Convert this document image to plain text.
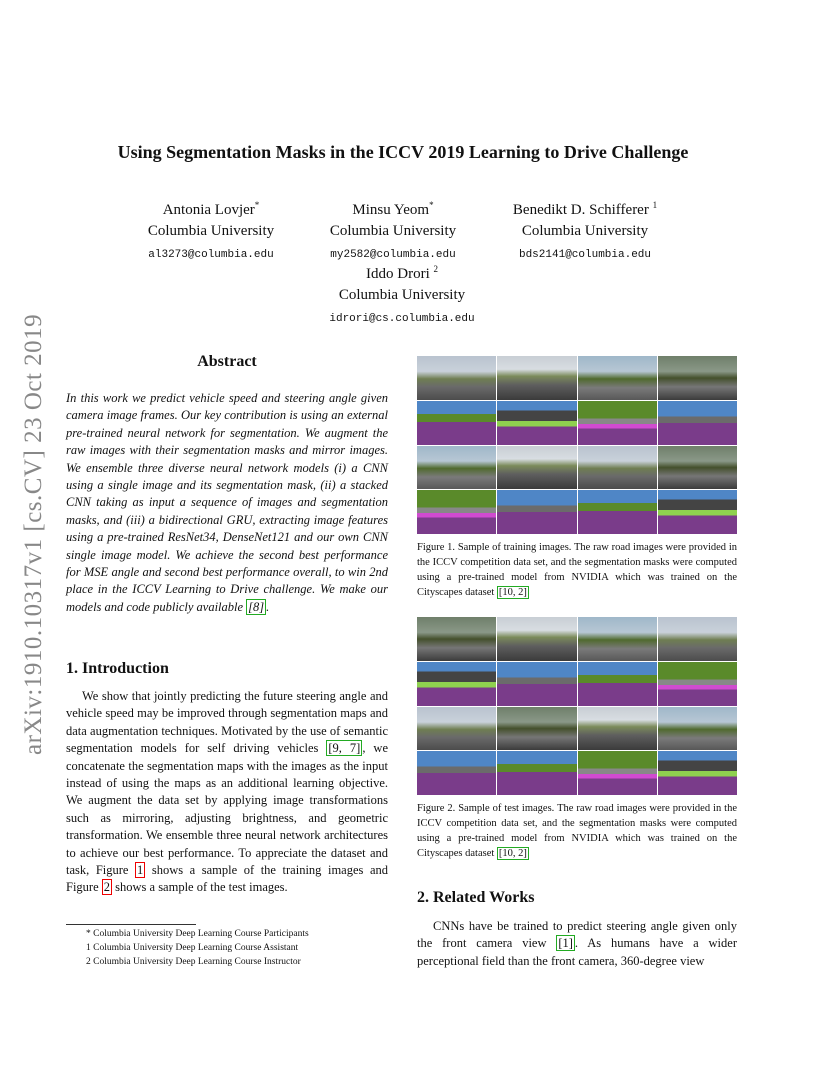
Using Segmentation Masks in the ICCV 2019 Learning to Drive Challenge
Antonia Lovjer*
Columbia University
al3273@columbia.edu
Minsu Yeom*
Columbia University
my2582@columbia.edu
Benedikt D. Schifferer $^1$
Columbia University
bds2141@columbia.edu
Iddo Drori $^2$
Columbia University
idrori@cs.columbia.edu
arXiv:1910.10317v1 [cs.CV] 23 Oct 2019	Abstract
In this work we predict vehicle speed and steering angle given camera image frames. Our key contribution is using an external pre-trained neural network for segmentation. We augment the raw images with their segmentation masks and mirror images. We ensemble three diverse neural network models (i) a CNN using a single image and its segmentation mask, (ii) a stacked CNN taking as input a sequence of images and segmentation masks, and (iii) a bidirectional GRU, extracting image features using a pre-trained ResNet34, DenseNet121 and our own CNN single image model. We achieve the second best performance for MSE angle and second best performance overall, to win 2nd place in the ICCV Learning to Drive challenge. We make our models and code publicly available [8] .
1. Introduction

We show that jointly predicting the future steering angle and vehicle speed may be improved through segmentation maps and data augmentation techniques. Motivated by the use of semantic segmentation models for self driving vehicles [9, 7] , we concatenate the segmentation maps with the images as the input instead of using the maps as an additional learning objective. We augment the data set by applying image transformations such as mirroring, adjusting brightness, and geometric transformation. We ensemble three neural network architectures to achieve our best performance. To appreciate the dataset and task, Figure 1 shows a sample of the training images and Figure 2 shows a sample of the test images.

* Columbia University Deep Learning Course Participants
1 Columbia University Deep Learning Course Assistant
2 Columbia University Deep Learning Course Instructor
Figure 1. Sample of training images. The raw road images were provided in the ICCV competition data set, and the segmentation masks were computed using a pre-trained model from NVIDIA which was trained on the Cityscapes dataset [10, 2]
Figure 2. Sample of test images. The raw road images were provided in the ICCV competition data set, and the segmentation masks were computed using a pre-trained model from NVIDIA which was trained on the Cityscapes dataset [10, 2]
2. Related Works

CNNs have be trained to predict steering angle given only the front camera view [1] . As humans have a wider perceptional field than the front camera, 360-degree view
